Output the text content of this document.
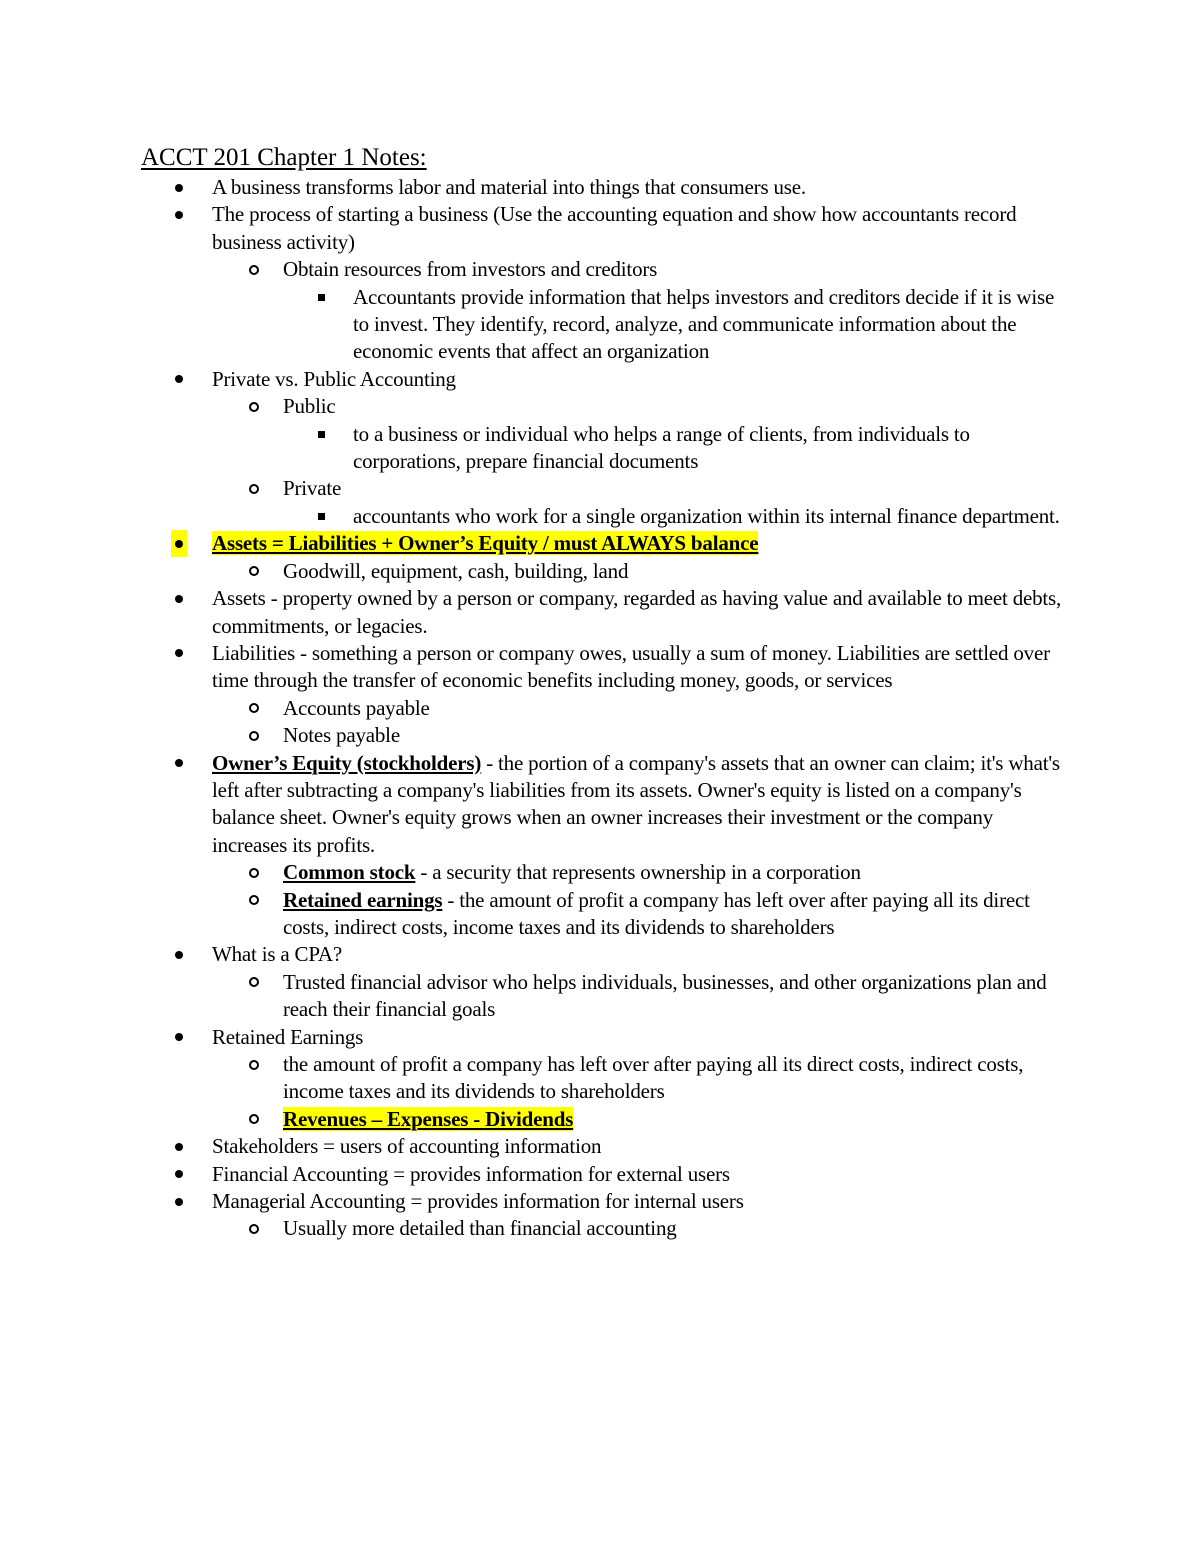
ACCT 201 Chapter 1 Notes:
A business transforms labor and material into things that consumers use.
The process of starting a business (Use the accounting equation and show how accountants record business activity)
Obtain resources from investors and creditors
Accountants provide information that helps investors and creditors decide if it is wise to invest. They identify, record, analyze, and communicate information about the economic events that affect an organization
Private vs. Public Accounting
Public
to a business or individual who helps a range of clients, from individuals to corporations, prepare financial documents
Private
accountants who work for a single organization within its internal finance department.
Assets = Liabilities + Owner’s Equity / must ALWAYS balance
Goodwill, equipment, cash, building, land
Assets - property owned by a person or company, regarded as having value and available to meet debts, commitments, or legacies.
Liabilities - something a person or company owes, usually a sum of money. Liabilities are settled over time through the transfer of economic benefits including money, goods, or services
Accounts payable
Notes payable
Owner’s Equity (stockholders) - the portion of a company's assets that an owner can claim; it's what's left after subtracting a company's liabilities from its assets. Owner's equity is listed on a company's balance sheet. Owner's equity grows when an owner increases their investment or the company increases its profits.
Common stock - a security that represents ownership in a corporation
Retained earnings - the amount of profit a company has left over after paying all its direct costs, indirect costs, income taxes and its dividends to shareholders
What is a CPA?
Trusted financial advisor who helps individuals, businesses, and other organizations plan and reach their financial goals
Retained Earnings
the amount of profit a company has left over after paying all its direct costs, indirect costs, income taxes and its dividends to shareholders
Revenues – Expenses - Dividends
Stakeholders = users of accounting information
Financial Accounting = provides information for external users
Managerial Accounting = provides information for internal users
Usually more detailed than financial accounting
